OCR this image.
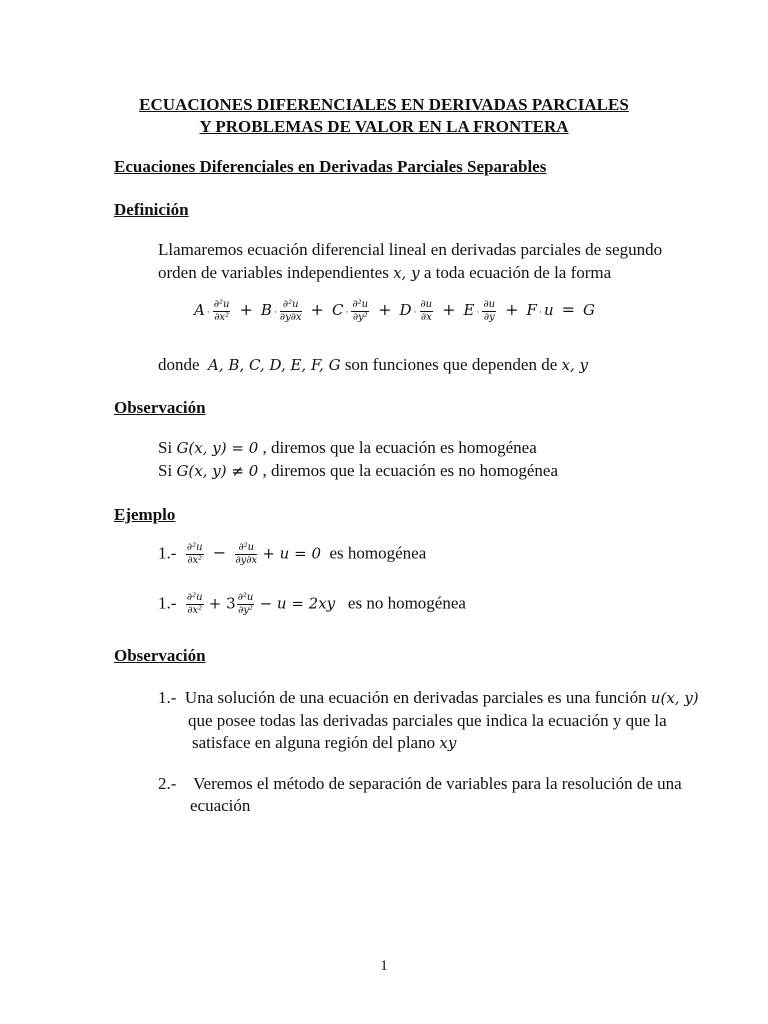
ECUACIONES DIFERENCIALES EN DERIVADAS PARCIALES
Y PROBLEMAS DE VALOR EN LA FRONTERA
Ecuaciones Diferenciales en Derivadas Parciales Separables
Definición
Llamaremos ecuación diferencial lineal en derivadas parciales de segundo
orden de variables independientes x, y a toda ecuación de la forma
$A \cdot \frac{\text{∂²u}}{\text{∂x²}} + B \cdot \frac{\text{∂²u}}{\partial y\partial x} + C \cdot \frac{\text{∂²u}}{\text{∂y²}} + D \cdot \frac{\partial u}{\partial x} + E \cdot \frac{\partial u}{\partial y} + F \cdot u = G$
donde A, B, C, D, E, F, G son funciones que dependen de x, y
Observación
Si G(x, y) = 0 , diremos que la ecuación es homogénea
Si G(x, y) ≠ 0 , diremos que la ecuación es no homogénea
Ejemplo
$1.- \frac{\text{∂²u}}{\text{∂x²}} - \frac{\text{∂²u}}{\partial y\partial x} + u = 0$ es homogénea
$1.- \frac{\text{∂²u}}{\text{∂x²}} + 3 \frac{\text{∂²u}}{\text{∂y²}} - u = 2xy$ es no homogénea
Observación
1.- Una solución de una ecuación en derivadas parciales es una función u(x, y)
que posee todas las derivadas parciales que indica la ecuación y que la
satisface en alguna región del plano xy
2.- Veremos el método de separación de variables para la resolución de una
ecuación
1
